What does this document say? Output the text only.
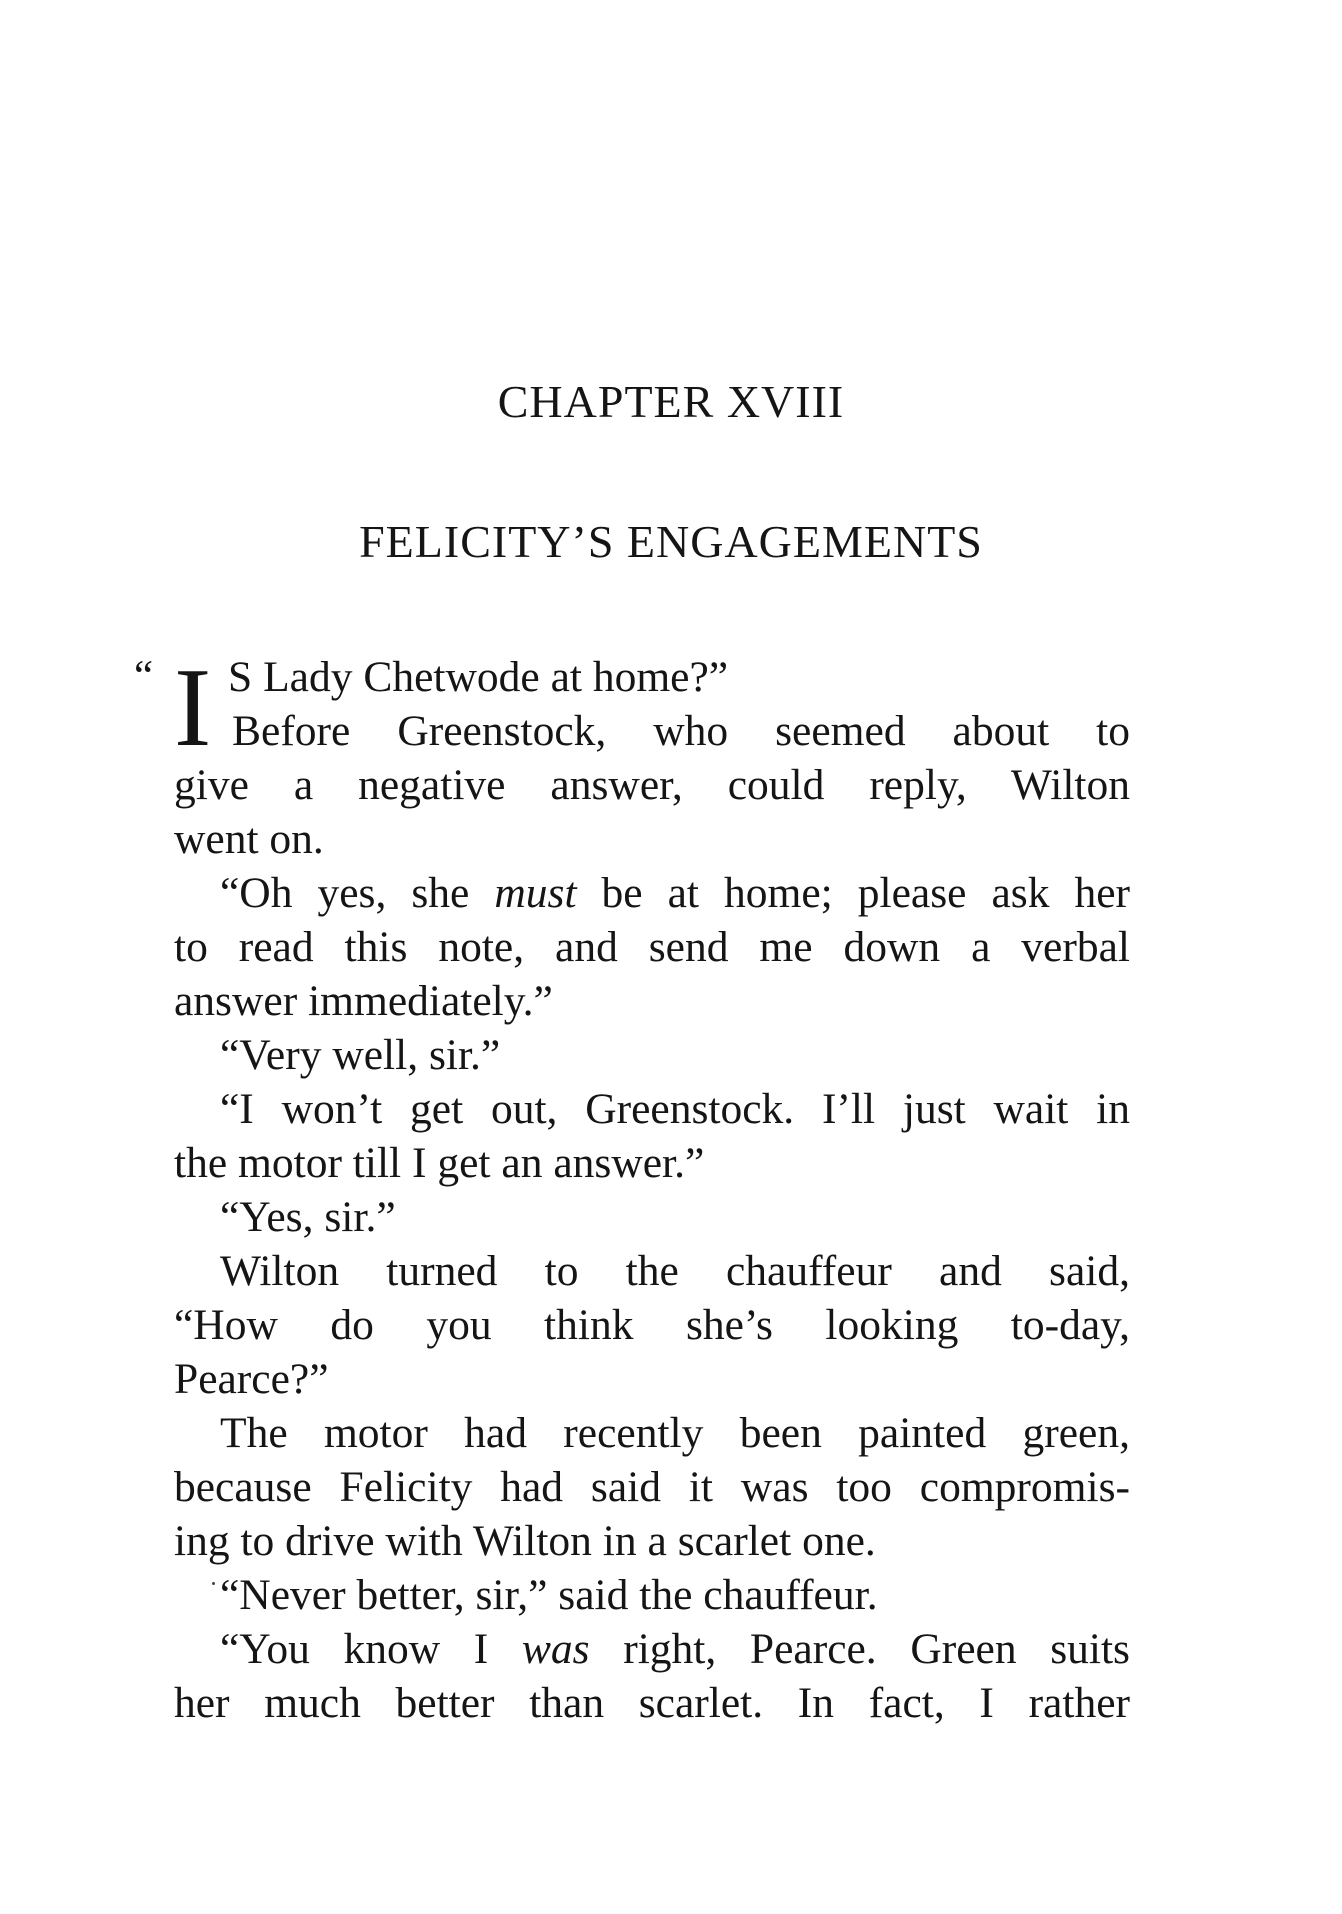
CHAPTER XVIII
FELICITY’S ENGAGEMENTS
“ I S Lady Chetwode at home?”
Before Greenstock, who seemed about to
give a negative answer, could reply, Wilton
went on.
“Oh yes, she must be at home; please ask her
to read this note, and send me down a verbal
answer immediately.”
“Very well, sir.”
“I won’t get out, Greenstock. I’ll just wait in
the motor till I get an answer.”
“Yes, sir.”
Wilton turned to the chauffeur and said,
“How do you think she’s looking to-day,
Pearce?”
The motor had recently been painted green,
because Felicity had said it was too compromis-
ing to drive with Wilton in a scarlet one.
“Never better, sir,” said the chauffeur.
“You know I was right, Pearce. Green suits
her much better than scarlet. In fact, I rather
